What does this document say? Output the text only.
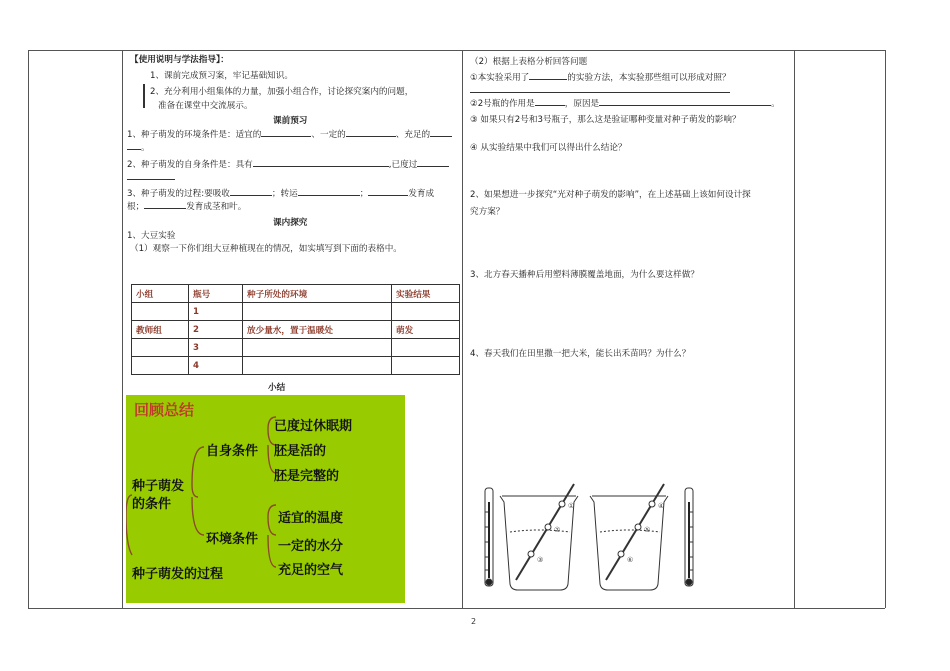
【使用说明与学法指导】：
1、课前完成预习案，牢记基础知识。
2、充分利用小组集体的力量，加强小组合作，讨论探究案内的问题，
准备在课堂中交流展示。
课前预习
1、种子萌发的环境条件是：适宜的	、一定的	、充足的
。
2、种子萌发的自身条件是：具有	,已度过
3、种子萌发的过程:要吸收	；转运	；	发育成
根；	发育成茎和叶。
课内探究
1、大豆实验
（1）观察一下你们组大豆种植现在的情况，如实填写到下面的表格中。
小组	瓶号	种子所处的环境	实验结果
	1		
教师组	2	放少量水，置于温暖处	萌发
	3		
	4		
小结
回顾总结
种子萌发
的条件
自身条件
环境条件
已度过休眠期
胚是活的
胚是完整的
适宜的温度
一定的水分
充足的空气
种子萌发的过程
（2）根据上表格分析回答问题
①本实验采用了	的实验方法，本实验那些组可以形成对照？
②2号瓶的作用是	，原因是	。
③ 如果只有2号和3号瓶子，那么这是验证哪种变量对种子萌发的影响？
④ 从实验结果中我们可以得出什么结论？
2、如果想进一步探究“光对种子萌发的影响”，在上述基础上该如何设计探
究方案？
3、北方春天播种后用塑料薄膜覆盖地面，为什么要这样做？
4、春天我们在田里撒一把大米，能长出禾苗吗？为什么？
①
②
③
④
⑤
⑥
2
